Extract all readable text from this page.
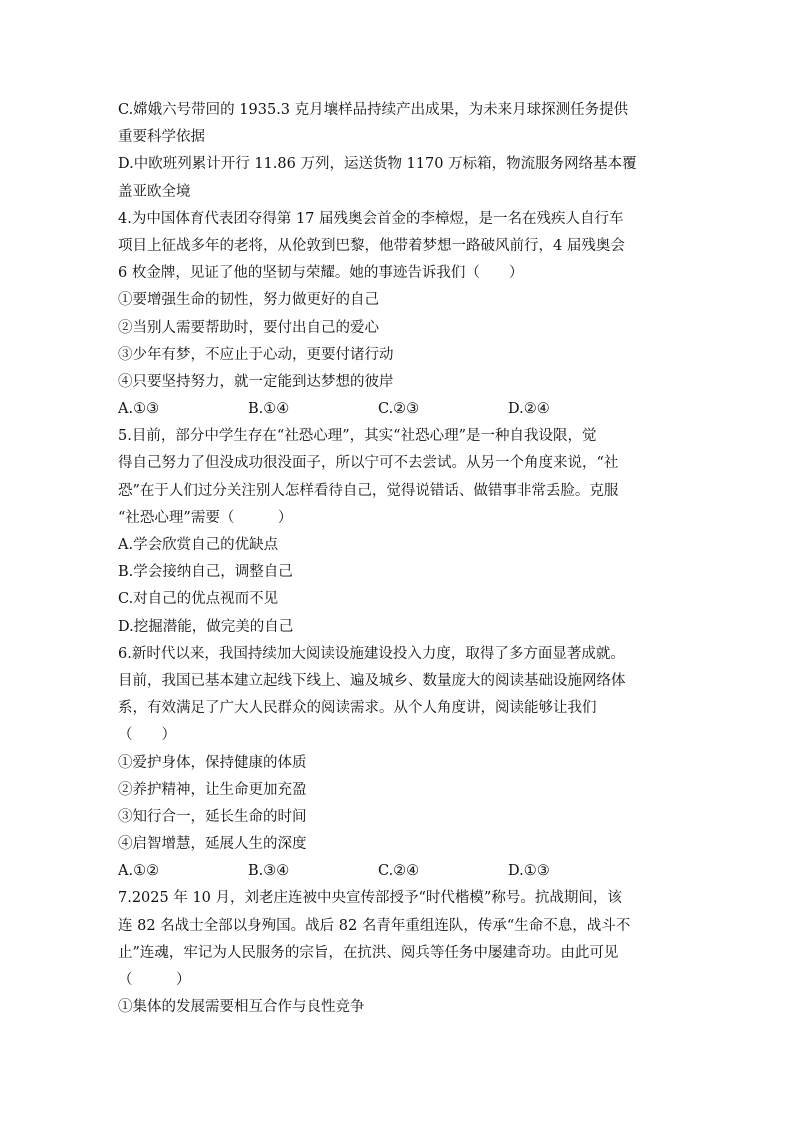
C.嫦娥六号带回的 1935.3 克月壤样品持续产出成果，为未来月球探测任务提供
重要科学依据
D.中欧班列累计开行 11.86 万列，运送货物 1170 万标箱，物流服务网络基本覆
盖亚欧全境
4.为中国体育代表团夺得第 17 届残奥会首金的李樟煜，是一名在残疾人自行车
项目上征战多年的老将，从伦敦到巴黎，他带着梦想一路破风前行，4 届残奥会
6 枚金牌，见证了他的坚韧与荣耀。她的事迹告诉我们（　　）
①要增强生命的韧性，努力做更好的自己
②当别人需要帮助时，要付出自己的爱心
③少年有梦，不应止于心动，更要付诸行动
④只要坚持努力，就一定能到达梦想的彼岸
A.①③	B.①④	C.②③	D.②④
5.目前，部分中学生存在“社恐心理”，其实“社恐心理”是一种自我设限，觉
得自己努力了但没成功很没面子，所以宁可不去尝试。从另一个角度来说，“社
恐”在于人们过分关注别人怎样看待自己，觉得说错话、做错事非常丢脸。克服
“社恐心理”需要（　　　）
A.学会欣赏自己的优缺点
B.学会接纳自己，调整自己
C.对自己的优点视而不见
D.挖掘潜能，做完美的自己
6.新时代以来，我国持续加大阅读设施建设投入力度，取得了多方面显著成就。
目前，我国已基本建立起线下线上、遍及城乡、数量庞大的阅读基础设施网络体
系，有效满足了广大人民群众的阅读需求。从个人角度讲，阅读能够让我们
（　　）
①爱护身体，保持健康的体质
②养护精神，让生命更加充盈
③知行合一，延长生命的时间
④启智增慧，延展人生的深度
A.①②	B.③④	C.②④	D.①③
7.2025 年 10 月，刘老庄连被中央宣传部授予“时代楷模”称号。抗战期间，该
连 82 名战士全部以身殉国。战后 82 名青年重组连队，传承“生命不息，战斗不
止”连魂，牢记为人民服务的宗旨，在抗洪、阅兵等任务中屡建奇功。由此可见
（　　　）
①集体的发展需要相互合作与良性竞争
